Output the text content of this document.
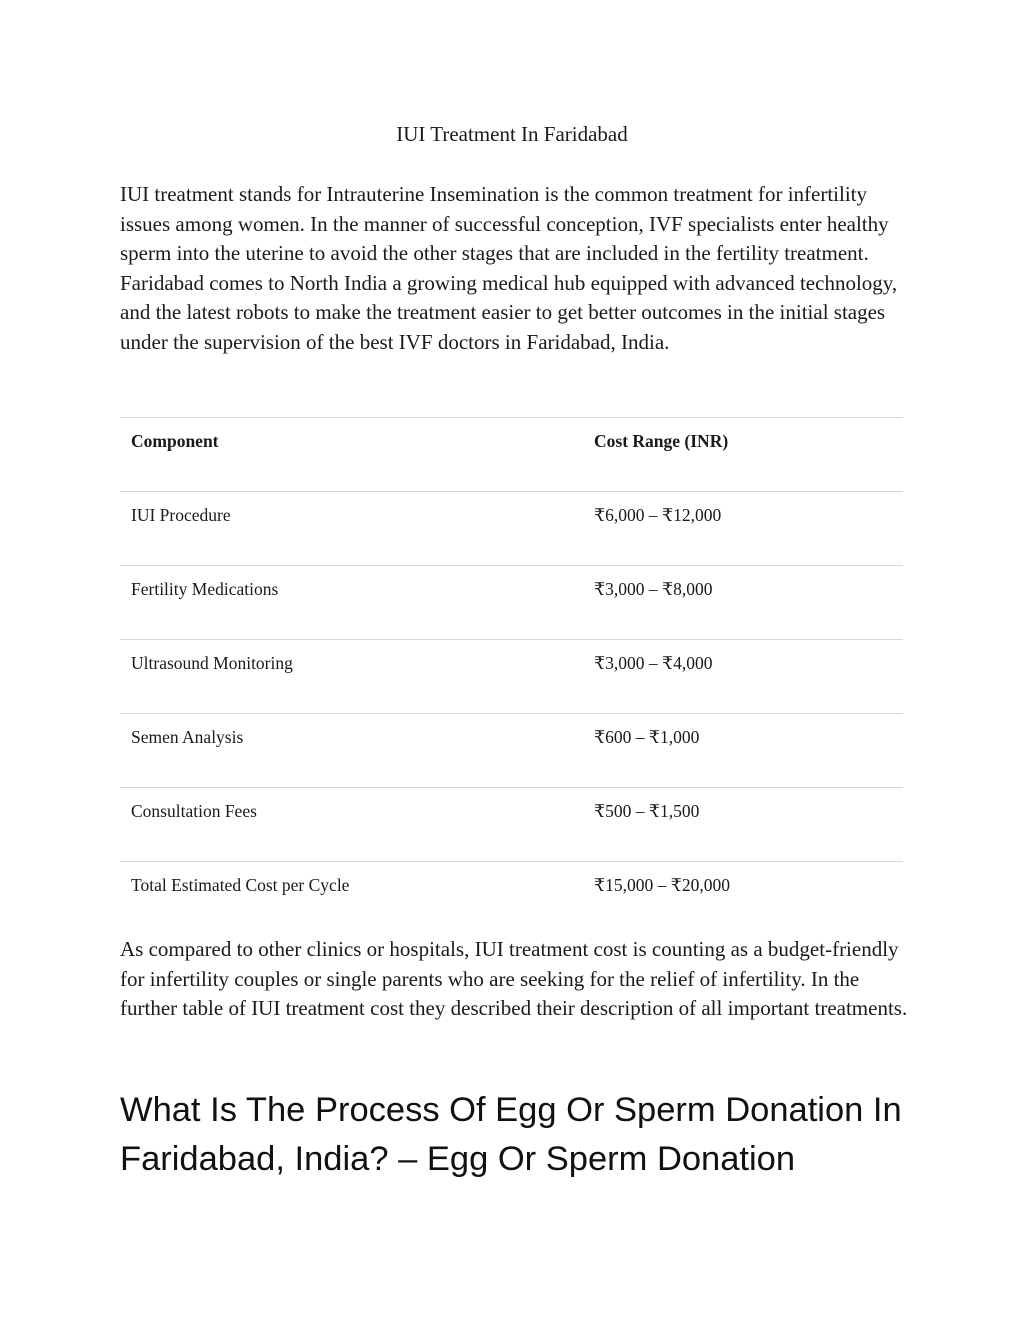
IUI Treatment In Faridabad

IUI treatment stands for Intrauterine Insemination is the common treatment for infertility issues among women. In the manner of successful conception, IVF specialists enter healthy sperm into the uterine to avoid the other stages that are included in the fertility treatment. Faridabad comes to North India a growing medical hub equipped with advanced technology, and the latest robots to make the treatment easier to get better outcomes in the initial stages under the supervision of the best IVF doctors in Faridabad, India.

Component	Cost Range (INR)
IUI Procedure	₹6,000 – ₹12,000
Fertility Medications	₹3,000 – ₹8,000
Ultrasound Monitoring	₹3,000 – ₹4,000
Semen Analysis	₹600 – ₹1,000
Consultation Fees	₹500 – ₹1,500
Total Estimated Cost per Cycle	₹15,000 – ₹20,000

As compared to other clinics or hospitals, IUI treatment cost is counting as a budget-friendly for infertility couples or single parents who are seeking for the relief of infertility. In the further table of IUI treatment cost they described their description of all important treatments.

What Is The Process Of Egg Or Sperm Donation In Faridabad, India? – Egg Or Sperm Donation
